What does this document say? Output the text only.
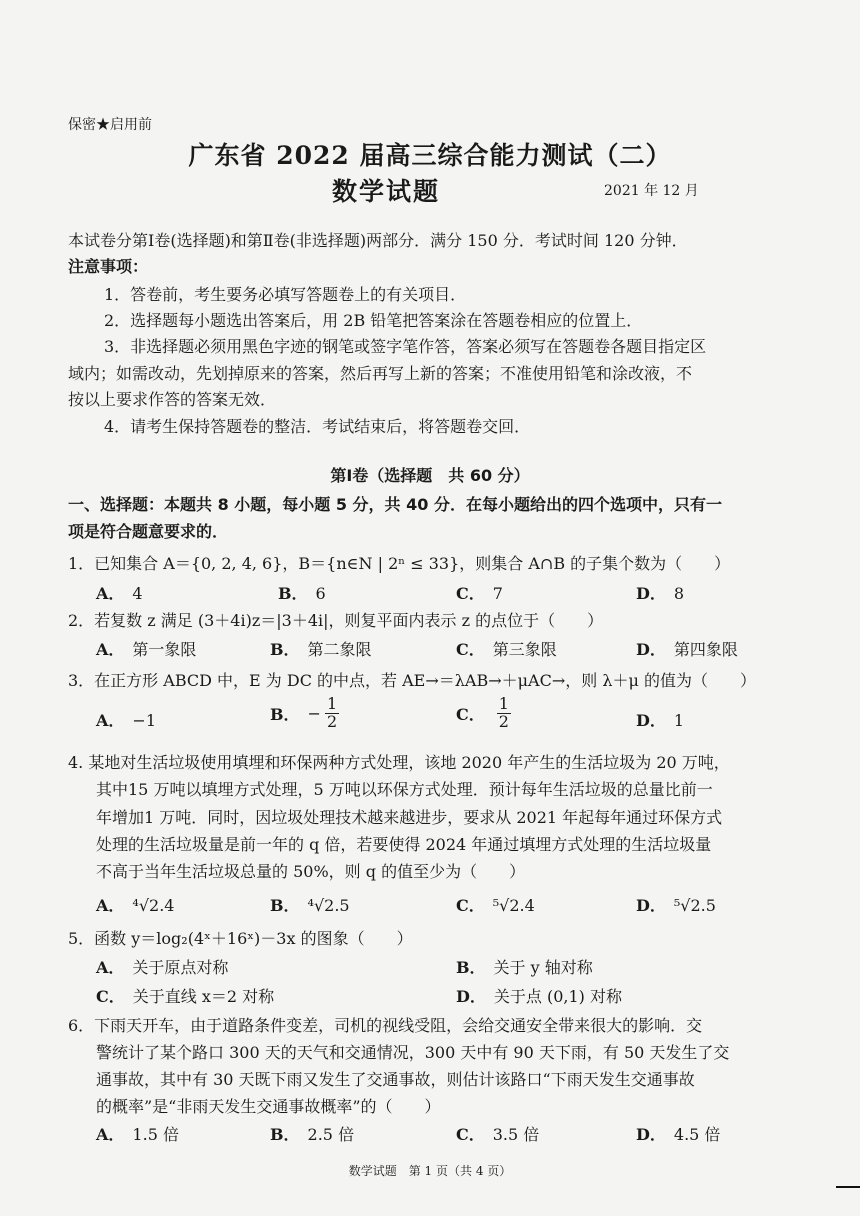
保密★启用前
广东省 2022 届高三综合能力测试（二）
数学试题	2021 年 12 月
本试卷分第Ⅰ卷(选择题)和第Ⅱ卷(非选择题)两部分．满分 150 分．考试时间 120 分钟．
注意事项：
1．答卷前，考生要务必填写答题卷上的有关项目．
2．选择题每小题选出答案后，用 2B 铅笔把答案涂在答题卷相应的位置上．
3．非选择题必须用黑色字迹的钢笔或签字笔作答，答案必须写在答题卷各题目指定区
域内；如需改动，先划掉原来的答案，然后再写上新的答案；不准使用铅笔和涂改液，不
按以上要求作答的答案无效．
4．请考生保持答题卷的整洁．考试结束后，将答题卷交回．
第Ⅰ卷（选择题　共 60 分）
一、选择题：本题共 8 小题，每小题 5 分，共 40 分．在每小题给出的四个选项中，只有一
项是符合题意要求的．
1．已知集合 A＝{0, 2, 4, 6}，B＝{n∈N | 2ⁿ ≤ 33}，则集合 A∩B 的子集个数为（　　）
A． 4	B． 6	C． 7	D． 8
2．若复数 z 满足 (3＋4i)z＝|3＋4i|，则复平面内表示 z 的点位于（　　）
A． 第一象限	B． 第二象限	C． 第三象限	D． 第四象限
3．在正方形 ABCD 中，E 为 DC 的中点，若 AE→＝λAB→＋μAC→，则 λ＋μ 的值为（　　）
A． −1	B． − $\frac{1}{2}$	C． $\frac{1}{2}$	D． 1
4. 某地对生活垃圾使用填埋和环保两种方式处理，该地 2020 年产生的生活垃圾为 20 万吨，
其中15 万吨以填埋方式处理，5 万吨以环保方式处理．预计每年生活垃圾的总量比前一
年增加1 万吨．同时，因垃圾处理技术越来越进步，要求从 2021 年起每年通过环保方式
处理的生活垃圾量是前一年的 q 倍，若要使得 2024 年通过填埋方式处理的生活垃圾量
不高于当年生活垃圾总量的 50%，则 q 的值至少为（　　）
A． ⁴√2.4	B． ⁴√2.5	C． ⁵√2.4	D． ⁵√2.5
5．函数 y＝log₂(4ˣ＋16ˣ)－3x 的图象（　　）
A． 关于原点对称	B． 关于 y 轴对称
C． 关于直线 x＝2 对称	D． 关于点 (0,1) 对称
6．下雨天开车，由于道路条件变差，司机的视线受阻，会给交通安全带来很大的影响．交
警统计了某个路口 300 天的天气和交通情况，300 天中有 90 天下雨，有 50 天发生了交
通事故，其中有 30 天既下雨又发生了交通事故，则估计该路口“下雨天发生交通事故
的概率”是“非雨天发生交通事故概率”的（　　）
A． 1.5 倍	B． 2.5 倍	C． 3.5 倍	D． 4.5 倍
数学试题　第 1 页（共 4 页）
